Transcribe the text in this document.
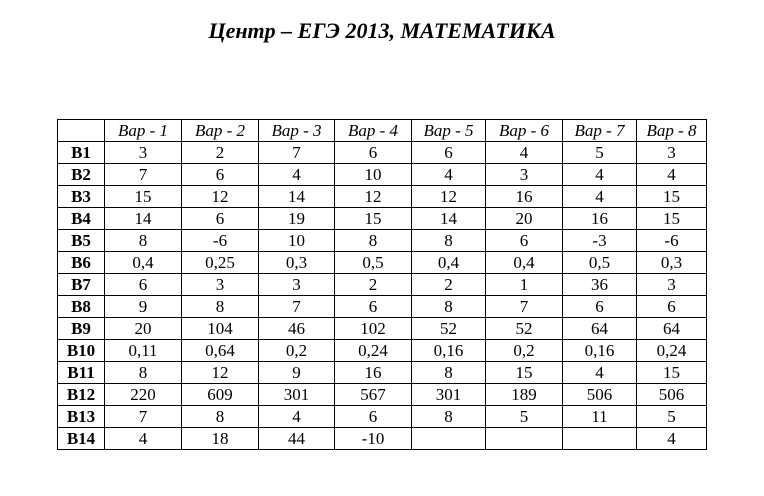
Центр – ЕГЭ 2013, МАТЕМАТИКА
	Вар - 1	Вар - 2	Вар - 3	Вар - 4	Вар - 5	Вар - 6	Вар - 7	Вар - 8
B1	3	2	7	6	6	4	5	3
B2	7	6	4	10	4	3	4	4
B3	15	12	14	12	12	16	4	15
B4	14	6	19	15	14	20	16	15
B5	8	-6	10	8	8	6	-3	-6
B6	0,4	0,25	0,3	0,5	0,4	0,4	0,5	0,3
B7	6	3	3	2	2	1	36	3
B8	9	8	7	6	8	7	6	6
B9	20	104	46	102	52	52	64	64
B10	0,11	0,64	0,2	0,24	0,16	0,2	0,16	0,24
B11	8	12	9	16	8	15	4	15
B12	220	609	301	567	301	189	506	506
B13	7	8	4	6	8	5	11	5
B14	4	18	44	-10				4
